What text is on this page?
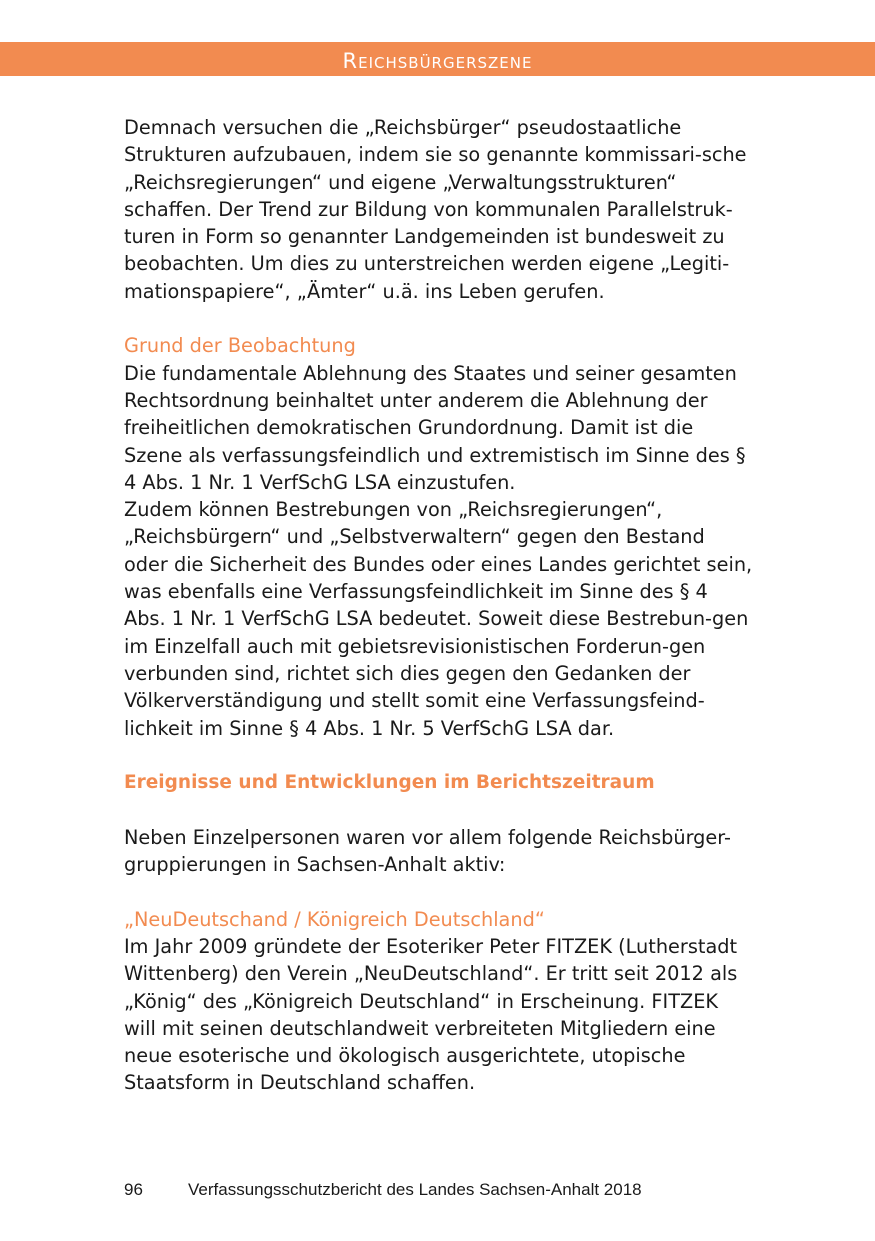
Reichsbürgerszene

Demnach versuchen die „Reichsbürger“ pseudostaatliche Strukturen aufzubauen, indem sie so genannte kommissari-sche „Reichsregierungen“ und eigene „Verwaltungsstrukturen“ schaffen. Der Trend zur Bildung von kommunalen Parallelstruk-turen in Form so genannter Landgemeinden ist bundesweit zu beobachten. Um dies zu unterstreichen werden eigene „Legiti-mationspapiere“, „Ämter“ u.ä. ins Leben gerufen.

Grund der Beobachtung

Die fundamentale Ablehnung des Staates und seiner gesamten Rechtsordnung beinhaltet unter anderem die Ablehnung der freiheitlichen demokratischen Grundordnung. Damit ist die Szene als verfassungsfeindlich und extremistisch im Sinne des § 4 Abs. 1 Nr. 1 VerfSchG LSA einzustufen.

Zudem können Bestrebungen von „Reichsregierungen“, „Reichsbürgern“ und „Selbstverwaltern“ gegen den Bestand oder die Sicherheit des Bundes oder eines Landes gerichtet sein, was ebenfalls eine Verfassungsfeindlichkeit im Sinne des § 4 Abs. 1 Nr. 1 VerfSchG LSA bedeutet. Soweit diese Bestrebun-gen im Einzelfall auch mit gebietsrevisionistischen Forderun-gen verbunden sind, richtet sich dies gegen den Gedanken der Völkerverständigung und stellt somit eine Verfassungsfeind-lichkeit im Sinne § 4 Abs. 1 Nr. 5 VerfSchG LSA dar.

Ereignisse und Entwicklungen im Berichtszeitraum

Neben Einzelpersonen waren vor allem folgende Reichsbürger-gruppierungen in Sachsen-Anhalt aktiv:

„NeuDeutschand / Königreich Deutschland“

Im Jahr 2009 gründete der Esoteriker Peter FITZEK (Lutherstadt Wittenberg) den Verein „NeuDeutschland“. Er tritt seit 2012 als „König“ des „Königreich Deutschland“ in Erscheinung. FITZEK will mit seinen deutschlandweit verbreiteten Mitgliedern eine neue esoterische und ökologisch ausgerichtete, utopische Staatsform in Deutschland schaffen.

96	Verfassungsschutzbericht des Landes Sachsen-Anhalt 2018
